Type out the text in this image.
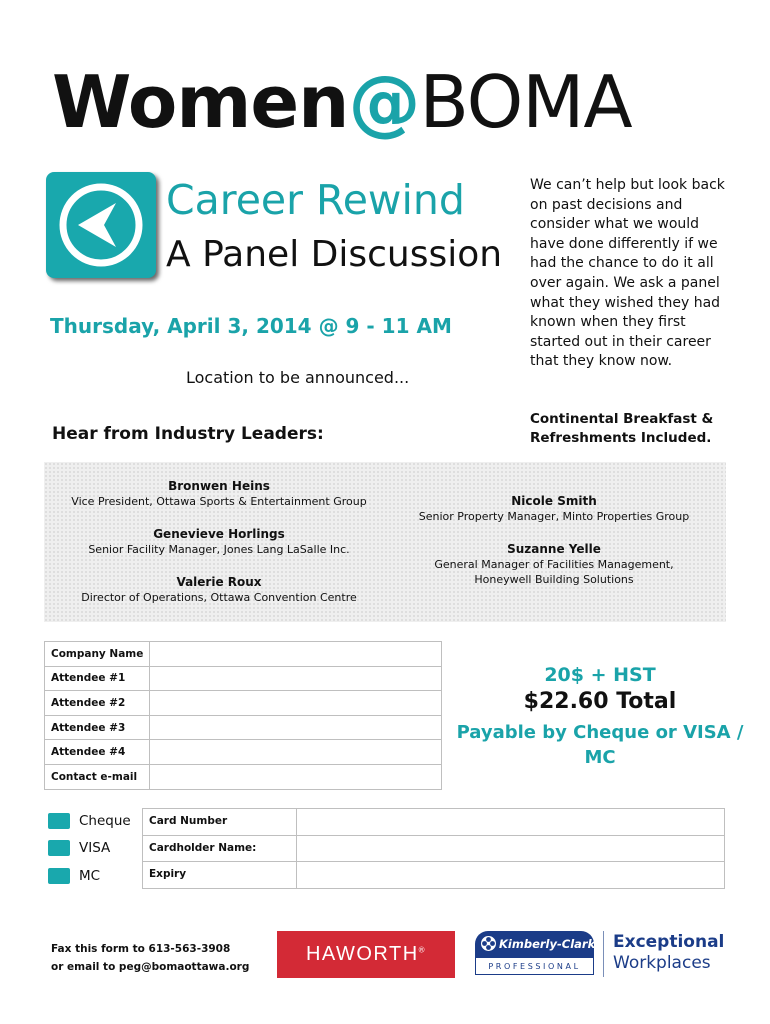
Women@BOMA
Career Rewind
A Panel Discussion
Thursday, April 3, 2014 @ 9 - 11 AM
Location to be announced...
We can’t help but look back on past decisions and consider what we would have done differently if we had the chance to do it all over again. We ask a panel what they wished they had known when they first started out in their career that they know now.
Continental Breakfast & Refreshments Included.
Hear from Industry Leaders:
Bronwen Heins
Vice President, Ottawa Sports & Entertainment Group
Genevieve Horlings
Senior Facility Manager, Jones Lang LaSalle Inc.
Valerie Roux
Director of Operations, Ottawa Convention Centre
Nicole Smith
Senior Property Manager, Minto Properties Group
Suzanne Yelle
General Manager of Facilities Management,
Honeywell Building Solutions
Company Name	
Attendee #1	
Attendee #2	
Attendee #3	
Attendee #4	
Contact e-mail	
20$ + HST
$22.60 Total
Payable by Cheque or VISA / MC
Cheque
VISA
MC
Card Number	
Cardholder Name:	
Expiry	
Fax this form to 613-563-3908
or email to peg@bomaottawa.org
HAWORTH®	Kimberly-Clark
PROFESSIONAL
Exceptional
Workplaces
